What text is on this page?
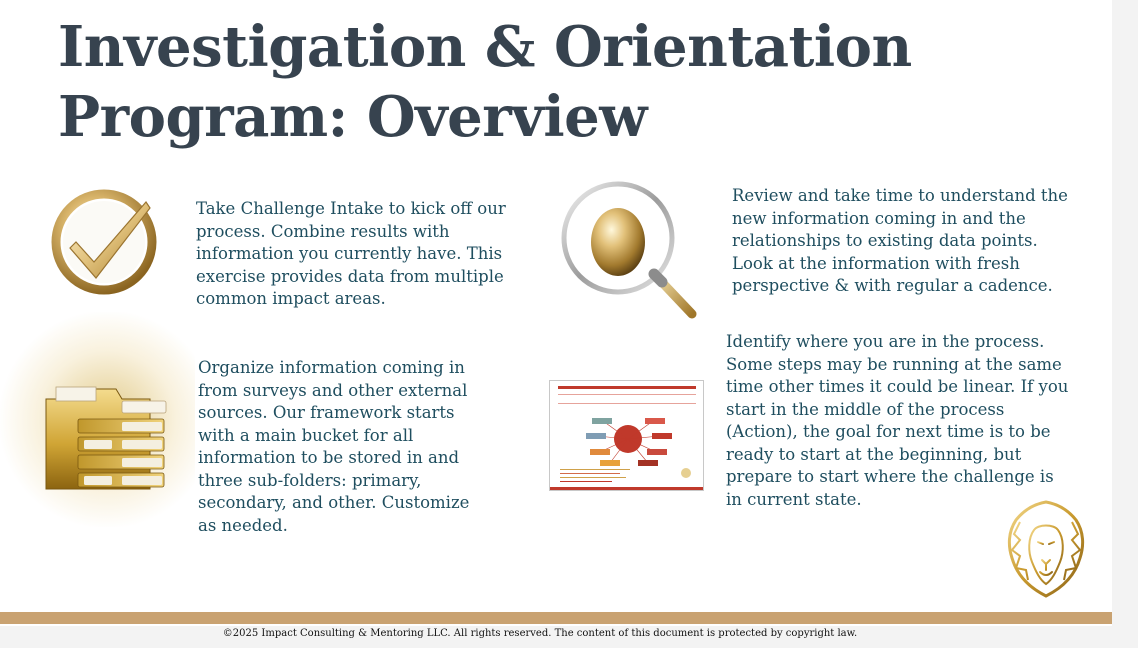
Investigation & Orientation
Program: Overview

Take Challenge Intake to kick off our process. Combine results with information you currently have. This exercise provides data from multiple common impact areas.

Review and take time to understand the new information coming in and the relationships to existing data points. Look at the information with fresh perspective & with regular a cadence.

Organize information coming in from surveys and other external sources. Our framework starts with a main bucket for all information to be stored in and three sub-folders: primary, secondary, and other. Customize as needed.

Identify where you are in the process. Some steps may be running at the same time other times it could be linear. If you start in the middle of the process (Action), the goal for next time is to be ready to start at the beginning, but prepare to start where the challenge is in current state.

©2025 Impact Consulting & Mentoring LLC. All rights reserved. The content of this document is protected by copyright law.
